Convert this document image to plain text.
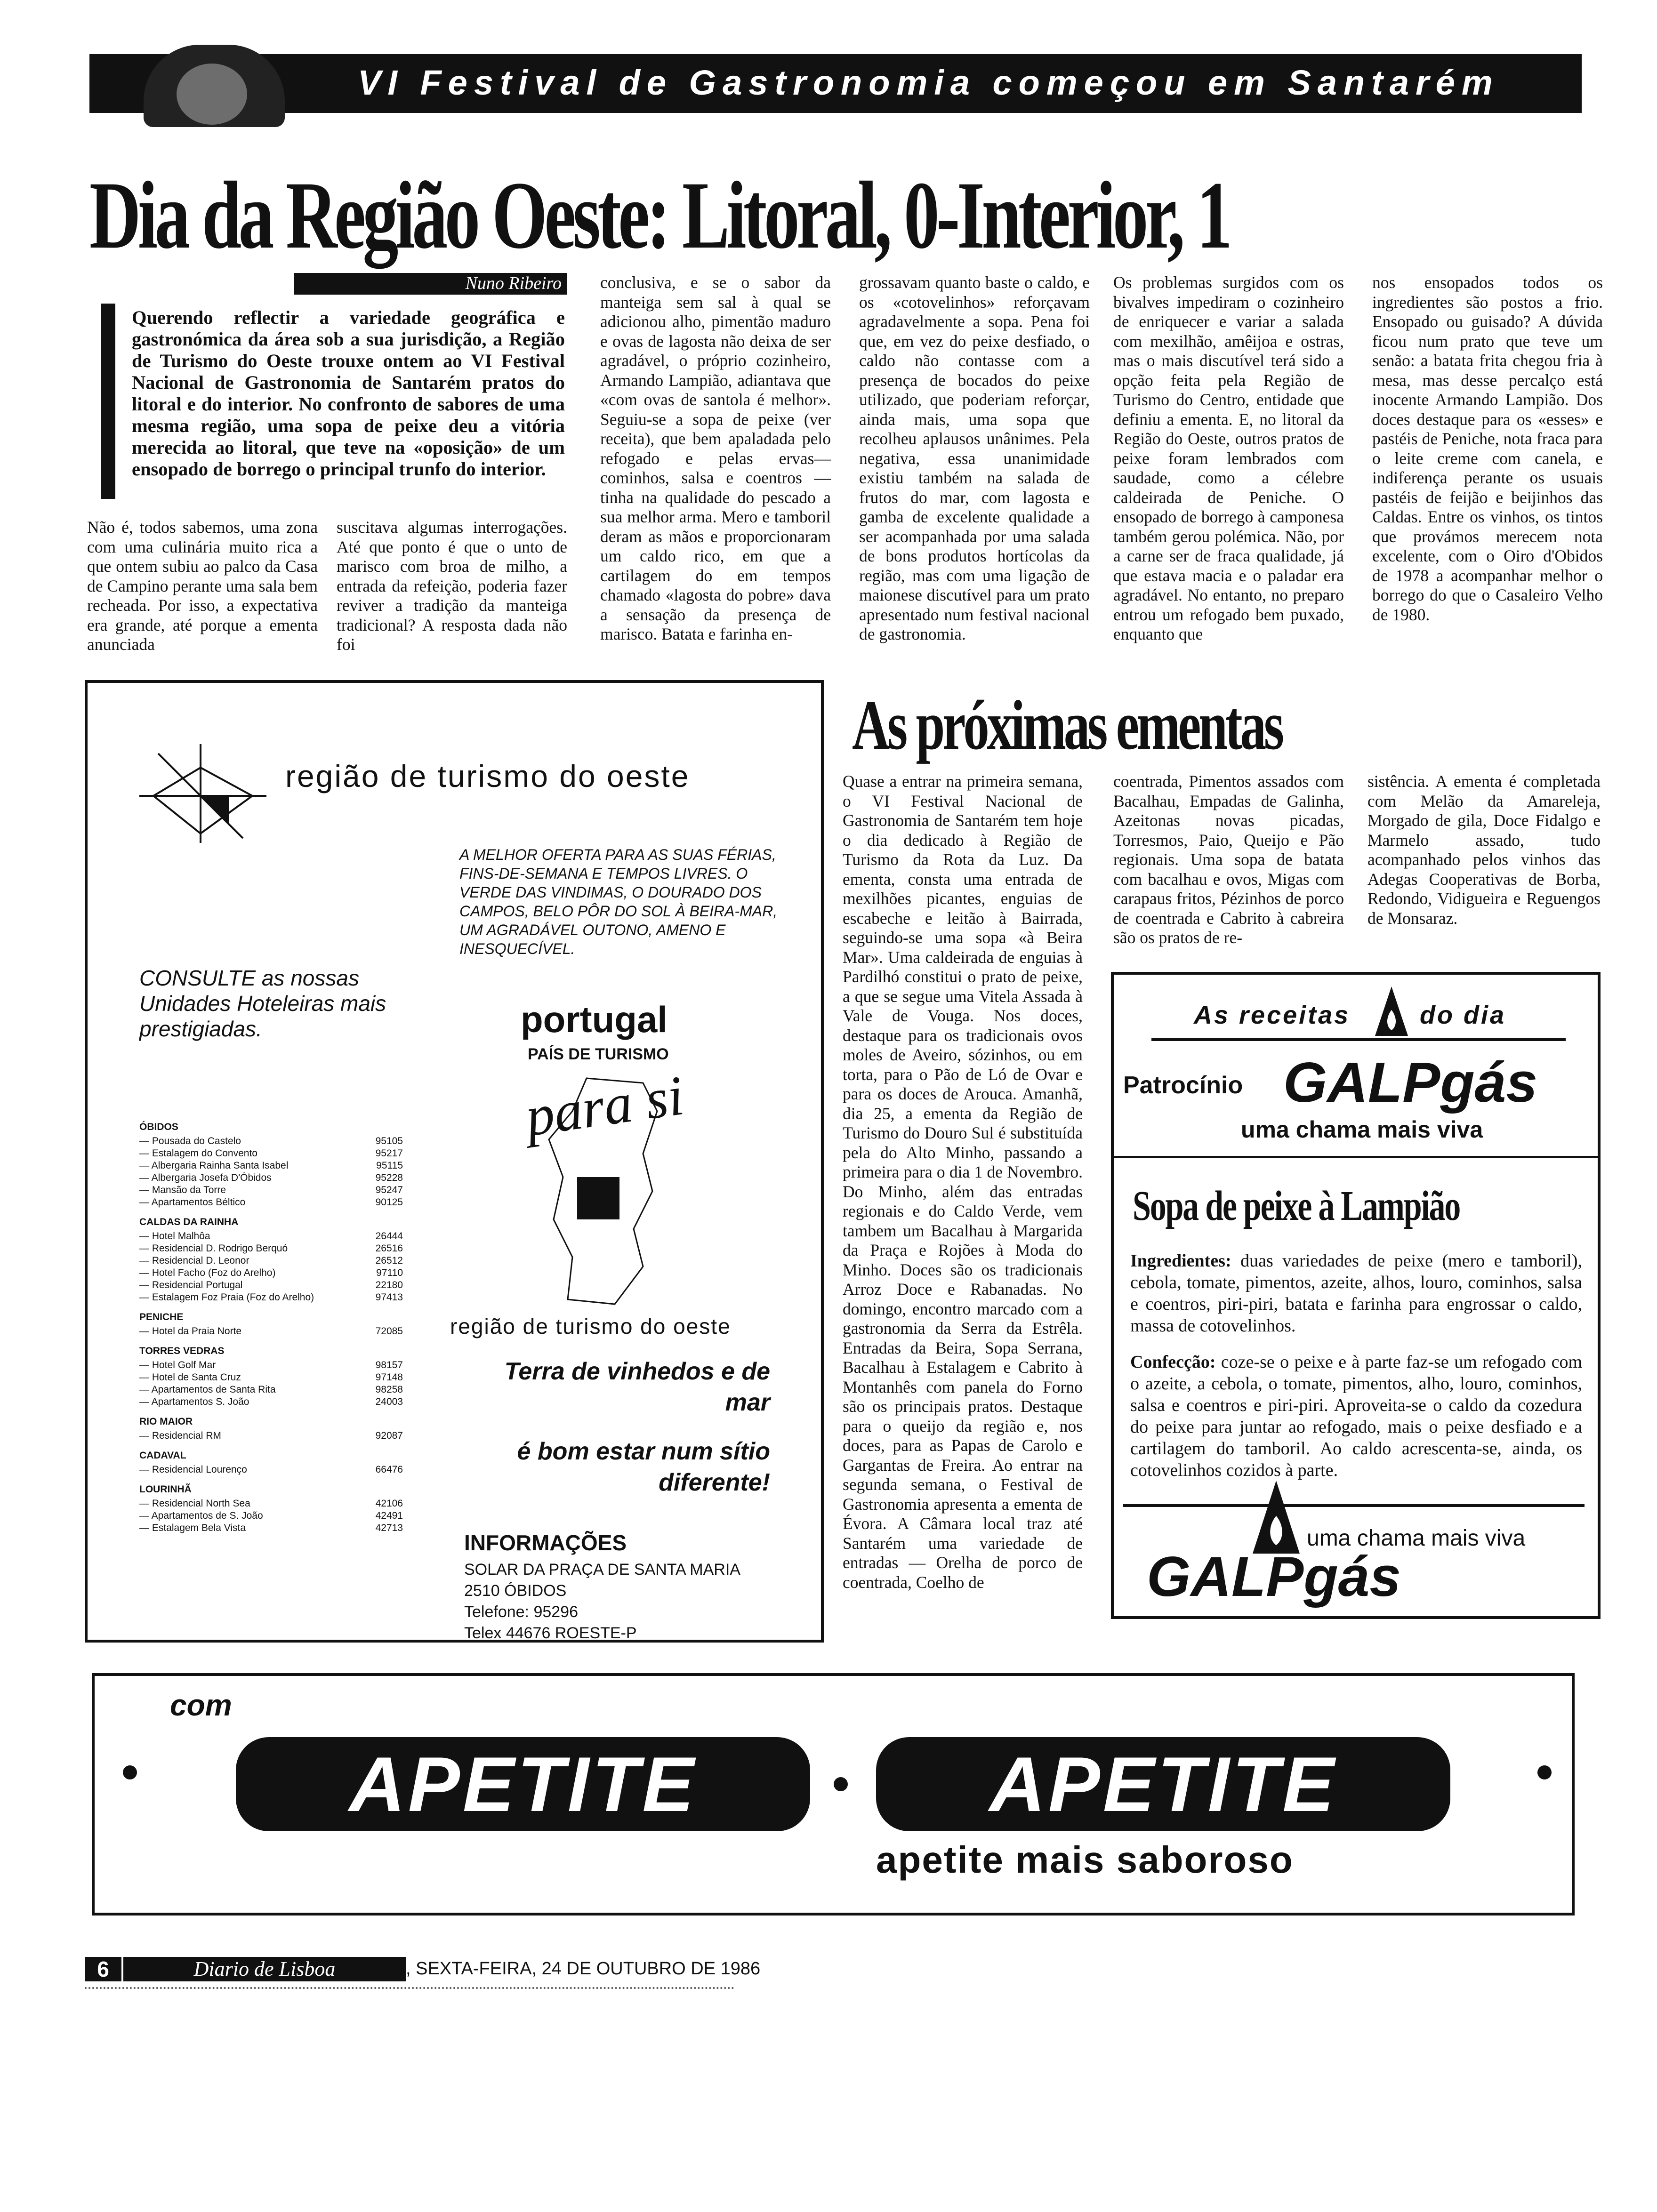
VI Festival de Gastronomia começou em Santarém
Dia da Região Oeste: Litoral, 0-Interior, 1
Nuno Ribeiro

Querendo reflectir a variedade geográfica e gastronómica da área sob a sua jurisdição, a Região de Turismo do Oeste trouxe ontem ao VI Festival Nacional de Gastronomia de Santarém pratos do litoral e do interior. No confronto de sabores de uma mesma região, uma sopa de peixe deu a vitória merecida ao litoral, que teve na «oposição» de um ensopado de borrego o principal trunfo do interior.

Não é, todos sabemos, uma zona com uma culinária muito rica a que ontem subiu ao palco da Casa de Campino perante uma sala bem recheada. Por isso, a expectativa era grande, até porque a ementa anunciada

suscitava algumas interrogações. Até que ponto é que o unto de marisco com broa de milho, a entrada da refeição, poderia fazer reviver a tradição da manteiga tradicional? A resposta dada não foi

conclusiva, e se o sabor da manteiga sem sal à qual se adicionou alho, pimentão maduro e ovas de lagosta não deixa de ser agradável, o próprio cozinheiro, Armando Lampião, adiantava que «com ovas de santola é melhor». Seguiu-se a sopa de peixe (ver receita), que bem apaladada pelo refogado e pelas ervas— cominhos, salsa e coentros — tinha na qualidade do pescado a sua melhor arma. Mero e tamboril deram as mãos e proporcionaram um caldo rico, em que a cartilagem do em tempos chamado «lagosta do pobre» dava a sensação da presença de marisco. Batata e farinha en-

grossavam quanto baste o caldo, e os «cotovelinhos» reforçavam agradavelmente a sopa. Pena foi que, em vez do peixe desfiado, o caldo não contasse com a presença de bocados do peixe utilizado, que poderiam reforçar, ainda mais, uma sopa que recolheu aplausos unânimes. Pela negativa, essa unanimidade existiu também na salada de frutos do mar, com lagosta e gamba de excelente qualidade a ser acompanhada por uma salada de bons produtos hortícolas da região, mas com uma ligação de maionese discutível para um prato apresentado num festival nacional de gastronomia.

Os problemas surgidos com os bivalves impediram o cozinheiro de enriquecer e variar a salada com mexilhão, amêijoa e ostras, mas o mais discutível terá sido a opção feita pela Região de Turismo do Centro, entidade que definiu a ementa. E, no litoral da Região do Oeste, outros pratos de peixe foram lembrados com saudade, como a célebre caldeirada de Peniche. O ensopado de borrego à camponesa também gerou polémica. Não, por a carne ser de fraca qualidade, já que estava macia e o paladar era agradável. No entanto, no preparo entrou um refogado bem puxado, enquanto que

nos ensopados todos os ingredientes são postos a frio. Ensopado ou guisado? A dúvida ficou num prato que teve um senão: a batata frita chegou fria à mesa, mas desse percalço está inocente Armando Lampião. Dos doces destaque para os «esses» e pastéis de Peniche, nota fraca para o leite creme com canela, e indiferença perante os usuais pastéis de feijão e beijinhos das Caldas. Entre os vinhos, os tintos que provámos merecem nota excelente, com o Oiro d'Obidos de 1978 a acompanhar melhor o borrego do que o Casaleiro Velho de 1980.

região de turismo do oeste
A MELHOR OFERTA PARA AS SUAS FÉRIAS, FINS-DE-SEMANA E TEMPOS LIVRES. O VERDE DAS VINDIMAS, O DOURADO DOS CAMPOS, BELO PÔR DO SOL À BEIRA-MAR, UM AGRADÁVEL OUTONO, AMENO E INESQUECÍVEL.
CONSULTE as nossas Unidades Hoteleiras mais prestigiadas.	portugal
PAÍS DE TURISMO
para si
região de turismo do oeste
Terra de vinhedos e de mar
é bom estar num sítio diferente!
INFORMAÇÕES
SOLAR DA PRAÇA DE SANTA MARIA
2510 ÓBIDOS
Telefone: 95296
Telex 44676 ROESTE-P
ÓBIDOS
— Pousada do Castelo	95105
— Estalagem do Convento	95217
— Albergaria Rainha Santa Isabel	95115
— Albergaria Josefa D'Óbidos	95228
— Mansão da Torre	95247
— Apartamentos Béltico	90125
CALDAS DA RAINHA
— Hotel Malhôa	26444
— Residencial D. Rodrigo Berquó	26516
— Residencial D. Leonor	26512
— Hotel Facho (Foz do Arelho)	97110
— Residencial Portugal	22180
— Estalagem Foz Praia (Foz do Arelho)	97413
PENICHE
— Hotel da Praia Norte	72085
TORRES VEDRAS
— Hotel Golf Mar	98157
— Hotel de Santa Cruz	97148
— Apartamentos de Santa Rita	98258
— Apartamentos S. João	24003
RIO MAIOR
— Residencial RM	92087
CADAVAL
— Residencial Lourenço	66476
LOURINHÃ
— Residencial North Sea	42106
— Apartamentos de S. João	42491
— Estalagem Bela Vista	42713
As próximas ementas

Quase a entrar na primeira semana, o VI Festival Nacional de Gastronomia de Santarém tem hoje o dia dedicado à Região de Turismo da Rota da Luz. Da ementa, consta uma entrada de mexilhões picantes, enguias de escabeche e leitão à Bairrada, seguindo-se uma sopa «à Beira Mar». Uma caldeirada de enguias à Pardilhó constitui o prato de peixe, a que se segue uma Vitela Assada à Vale de Vouga. Nos doces, destaque para os tradicionais ovos moles de Aveiro, sózinhos, ou em torta, para o Pão de Ló de Ovar e para os doces de Arouca. Amanhã, dia 25, a ementa da Região de Turismo do Douro Sul é substituída pela do Alto Minho, passando a primeira para o dia 1 de Novembro. Do Minho, além das entradas regionais e do Caldo Verde, vem tambem um Bacalhau à Margarida da Praça e Rojões à Moda do Minho. Doces são os tradicionais Arroz Doce e Rabanadas. No domingo, encontro marcado com a gastronomia da Serra da Estrêla. Entradas da Beira, Sopa Serrana, Bacalhau à Estalagem e Cabrito à Montanhês com panela do Forno são os principais pratos. Destaque para o queijo da região e, nos doces, para as Papas de Carolo e Gargantas de Freira. Ao entrar na segunda semana, o Festival de Gastronomia apresenta a ementa de Évora. A Câmara local traz até Santarém uma variedade de entradas — Orelha de porco de coentrada, Coelho de

coentrada, Pimentos assados com Bacalhau, Empadas de Galinha, Azeitonas novas picadas, Torresmos, Paio, Queijo e Pão regionais. Uma sopa de batata com bacalhau e ovos, Migas com carapaus fritos, Pézinhos de porco de coentrada e Cabrito à cabreira são os pratos de re-

sistência. A ementa é completada com Melão da Amareleja, Morgado de gila, Doce Fidalgo e Marmelo assado, tudo acompanhado pelos vinhos das Adegas Cooperativas de Borba, Redondo, Vidigueira e Reguengos de Monsaraz.

As receitas	do dia
Patrocínio GALPgás
uma chama mais viva
Sopa de peixe à Lampião

Ingredientes: duas variedades de peixe (mero e tamboril), cebola, tomate, pimentos, azeite, alhos, louro, cominhos, salsa e coentros, piri-piri, batata e farinha para engrossar o caldo, massa de cotovelinhos.

Confecção: coze-se o peixe e à parte faz-se um refogado com o azeite, a cebola, o tomate, pimentos, alho, louro, cominhos, salsa e coentros e piri-piri. Aproveita-se o caldo da cozedura do peixe para juntar ao refogado, mais o peixe desfiado e a cartilagem do tamboril. Ao caldo acrescenta-se, ainda, os cotovelinhos cozidos à parte.

uma chama mais viva
GALPgás
com
APETITE	APETITE
apetite mais saboroso
6	Diario de Lisboa	, SEXTA-FEIRA, 24 DE OUTUBRO DE 1986
